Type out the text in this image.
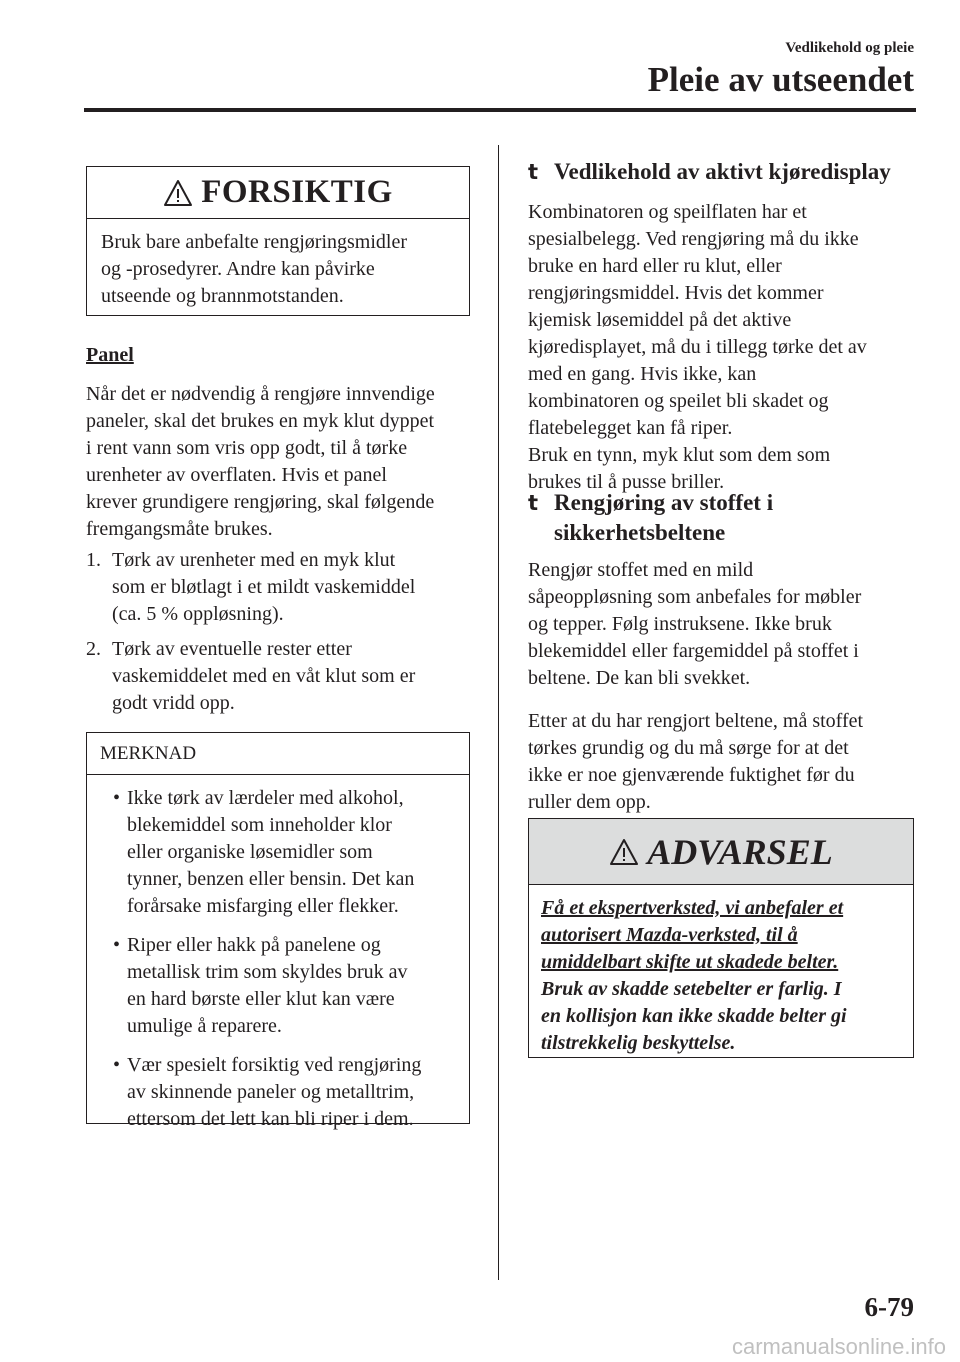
Vedlikehold og pleie
Pleie av utseendet
FORSIKTIG
Bruk bare anbefalte rengjøringsmidler
og -prosedyrer. Andre kan påvirke
utseende og brannmotstanden.
Panel
Når det er nødvendig å rengjøre innvendige
paneler, skal det brukes en myk klut dyppet
i rent vann som vris opp godt, til å tørke
urenheter av overflaten. Hvis et panel
krever grundigere rengjøring, skal følgende
fremgangsmåte brukes.
1. Tørk av urenheter med en myk klut
som er bløtlagt i et mildt vaskemiddel
(ca. 5 % oppløsning).
2. Tørk av eventuelle rester etter
vaskemiddelet med en våt klut som er
godt vridd opp.
MERKNAD
• Ikke tørk av lærdeler med alkohol,
blekemiddel som inneholder klor
eller organiske løsemidler som
tynner, benzen eller bensin. Det kan
forårsake misfarging eller flekker.
• Riper eller hakk på panelene og
metallisk trim som skyldes bruk av
en hard børste eller klut kan være
umulige å reparere.
• Vær spesielt forsiktig ved rengjøring
av skinnende paneler og metalltrim,
ettersom det lett kan bli riper i dem.
t Vedlikehold av aktivt kjøredisplay
Kombinatoren og speilflaten har et
spesialbelegg. Ved rengjøring må du ikke
bruke en hard eller ru klut, eller
rengjøringsmiddel. Hvis det kommer
kjemisk løsemiddel på det aktive
kjøredisplayet, må du i tillegg tørke det av
med en gang. Hvis ikke, kan
kombinatoren og speilet bli skadet og
flatebelegget kan få riper.
Bruk en tynn, myk klut som dem som
brukes til å pusse briller.
t Rengjøring av stoffet i
sikkerhetsbeltene
Rengjør stoffet med en mild
såpeoppløsning som anbefales for møbler
og tepper. Følg instruksene. Ikke bruk
blekemiddel eller fargemiddel på stoffet i
beltene. De kan bli svekket.
Etter at du har rengjort beltene, må stoffet
tørkes grundig og du må sørge for at det
ikke er noe gjenværende fuktighet før du
ruller dem opp.
ADVARSEL
Få et ekspertverksted, vi anbefaler et
autorisert Mazda-verksted, til å
umiddelbart skifte ut skadede belter.
Bruk av skadde setebelter er farlig. I
en kollisjon kan ikke skadde belter gi
tilstrekkelig beskyttelse.
6-79
carmanualsonline.info
